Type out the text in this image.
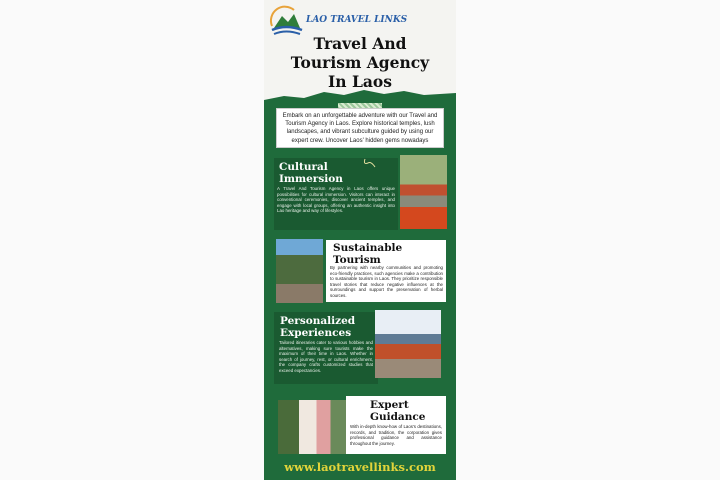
LAO TRAVEL LINKS
Travel And
Tourism Agency
In Laos
Embark on an unforgettable adventure with our Travel and Tourism Agency in Laos. Explore historical temples, lush landscapes, and vibrant subculture guided by using our expert crew. Uncover Laos' hidden gems nowadays
Cultural
Immersion
A Travel And Tourism Agency in Laos offers unique possibilities for cultural immersion. Visitors can interact in conventional ceremonies, discover ancient temples, and engage with local groups, offering an authentic insight into Lao heritage and way of lifestyles.
Sustainable
Tourism
By partnering with nearby communities and promoting eco-friendly practices, such agencies make a contribution to sustainable tourism in Laos. They prioritize responsible travel stories that reduce negative influences at the surroundings and support the preservation of herbal sources.
Personalized
Experiences
Tailored itineraries cater to various hobbies and alternatives, making sure tourists make the maximum of their time in Laos. Whether in search of journey, rest, or cultural enrichment, the company crafts customized studies that exceed expectancies.
Expert
Guidance
With in-depth know-how of Laos's destinations, records, and tradition, the corporation gives professional guidance and assistance throughout the journey.
www.laotravellinks.com
